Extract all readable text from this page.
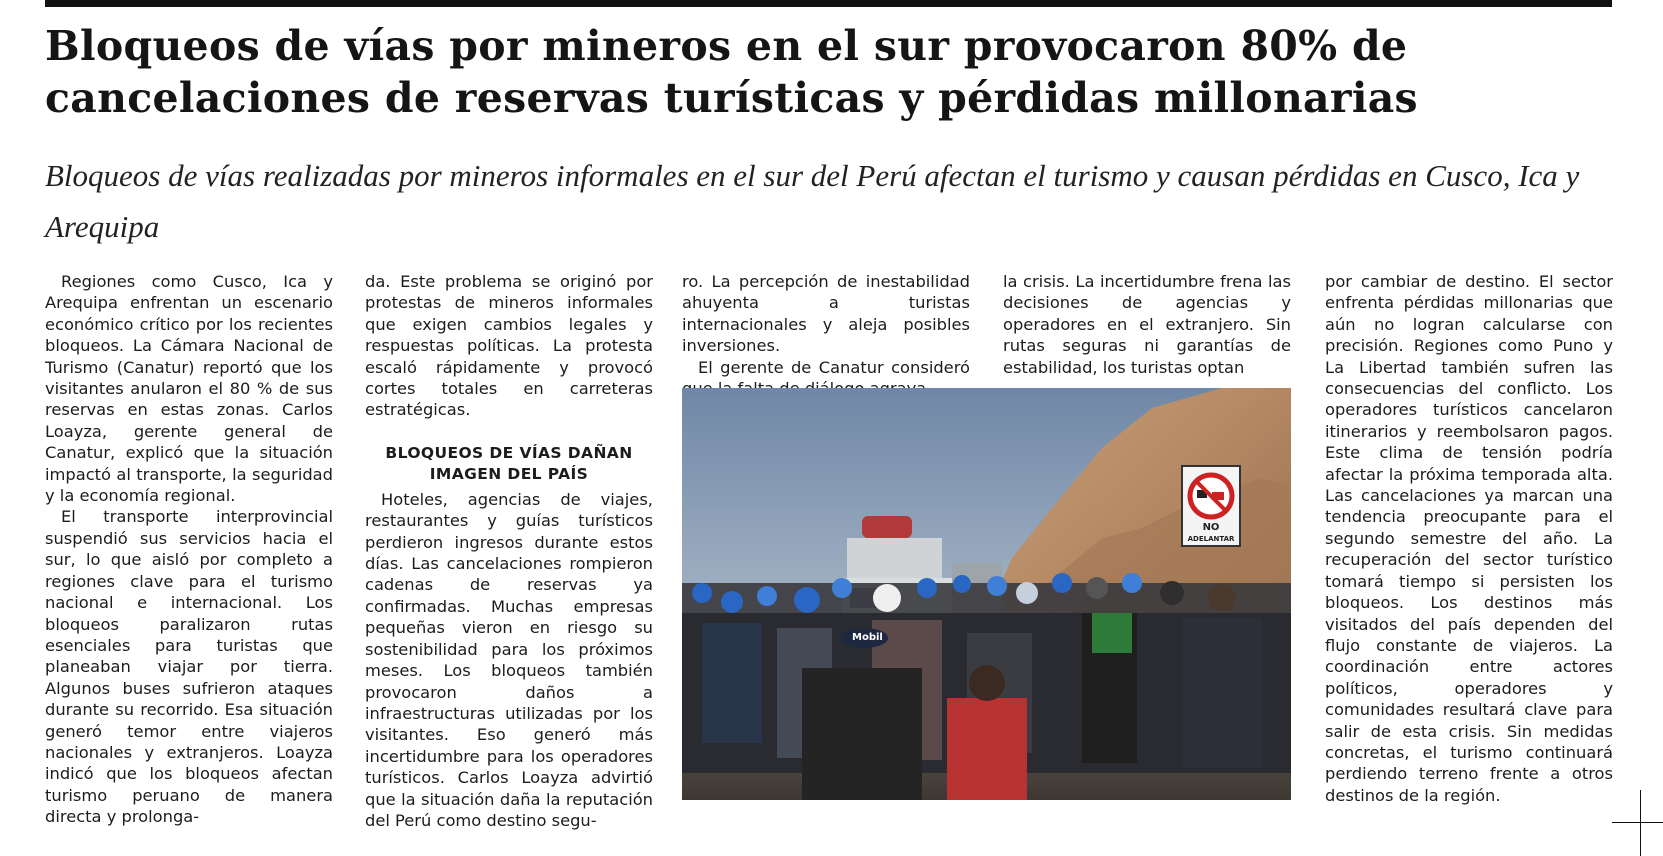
Bloqueos de vías por mineros en el sur provocaron 80% de cancelaciones de reservas turísticas y pérdidas millonarias

Bloqueos de vías realizadas por mineros informales en el sur del Perú afectan el turismo y causan pérdidas en Cusco, Ica y Arequipa

Regiones como Cusco, Ica y Arequipa enfrentan un escenario económico crítico por los recientes bloqueos. La Cámara Nacional de Turismo (Canatur) reportó que los visitantes anularon el 80 % de sus reservas en estas zonas. Carlos Loayza, gerente general de Canatur, explicó que la situación impactó al transporte, la seguridad y la economía regional.

El transporte interprovincial suspendió sus servicios hacia el sur, lo que aisló por completo a regiones clave para el turismo nacional e internacional. Los bloqueos paralizaron rutas esenciales para turistas que planeaban viajar por tierra. Algunos buses sufrieron ataques durante su recorrido. Esa situación generó temor entre viajeros nacionales y extranjeros. Loayza indicó que los bloqueos afectan turismo peruano de manera directa y prolonga-

da. Este problema se originó por protestas de mineros informales que exigen cambios legales y respuestas políticas. La protesta escaló rápidamente y provocó cortes totales en carreteras estratégicas.

BLOQUEOS DE VÍAS DAÑAN IMAGEN DEL PAÍS

Hoteles, agencias de viajes, restaurantes y guías turísticos perdieron ingresos durante estos días. Las cancelaciones rompieron cadenas de reservas ya confirmadas. Muchas empresas pequeñas vieron en riesgo su sostenibilidad para los próximos meses. Los bloqueos también provocaron daños a infraestructuras utilizadas por los visitantes. Eso generó más incertidumbre para los operadores turísticos. Carlos Loayza advirtió que la situación daña la reputación del Perú como destino segu-

ro. La percepción de inestabilidad ahuyenta a turistas internacionales y aleja posibles inversiones.

El gerente de Canatur consideró

la crisis. La incertidumbre frena las decisiones de agencias y operadores en el extranjero. Sin rutas seguras ni garantías de estabilidad, los turistas optan

por cambiar de destino. El sector enfrenta pérdidas millonarias que aún no logran calcularse con precisión. Regiones como Puno y La Libertad también sufren las consecuencias del conflicto. Los operadores turísticos cancelaron itinerarios y reembolsaron pagos. Este clima de tensión podría afectar la próxima temporada alta. Las cancelaciones ya marcan una tendencia preocupante para el segundo semestre del año. La recuperación del sector turístico tomará tiempo si persisten los bloqueos. Los destinos más visitados del país dependen del flujo constante de viajeros. La coordinación entre actores políticos, operadores y comunidades resultará clave para salir de esta crisis. Sin medidas concretas, el turismo continuará perdiendo terreno frente a otros destinos de la región.

NO
ADELANTAR
Mobil
